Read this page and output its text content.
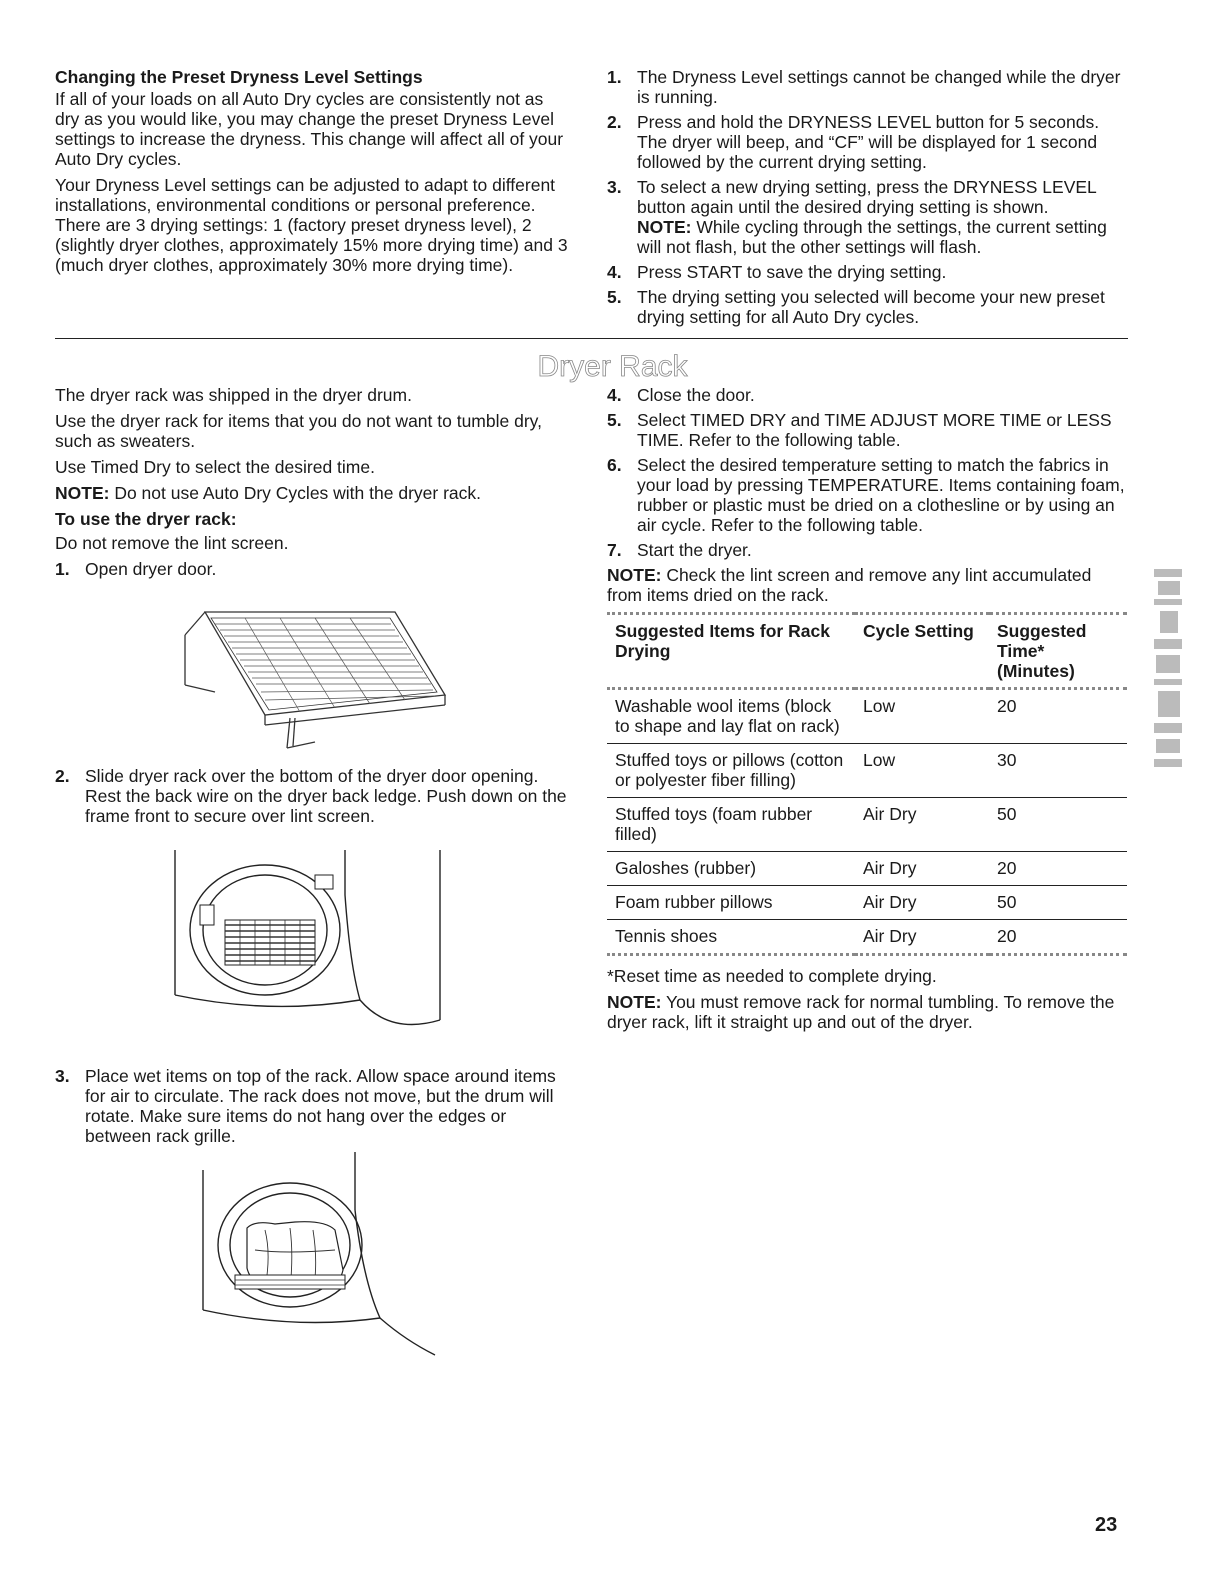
Changing the Preset Dryness Level Settings

If all of your loads on all Auto Dry cycles are consistently not as dry as you would like, you may change the preset Dryness Level settings to increase the dryness. This change will affect all of your Auto Dry cycles.

Your Dryness Level settings can be adjusted to adapt to different installations, environmental conditions or personal preference. There are 3 drying settings: 1 (factory preset dryness level), 2 (slightly dryer clothes, approximately 15% more drying time) and 3 (much dryer clothes, approximately 30% more drying time).

1. The Dryness Level settings cannot be changed while the dryer is running.
2. Press and hold the DRYNESS LEVEL button for 5 seconds. The dryer will beep, and “CF” will be displayed for 1 second followed by the current drying setting.
3. To select a new drying setting, press the DRYNESS LEVEL button again until the desired drying setting is shown.
NOTE: While cycling through the settings, the current setting will not flash, but the other settings will flash.
4. Press START to save the drying setting.
5. The drying setting you selected will become your new preset drying setting for all Auto Dry cycles.
Dryer Rack

The dryer rack was shipped in the dryer drum.

Use the dryer rack for items that you do not want to tumble dry, such as sweaters.

Use Timed Dry to select the desired time.

NOTE: Do not use Auto Dry Cycles with the dryer rack.

To use the dryer rack:

Do not remove the lint screen.

1. Open dryer door.
2. Slide dryer rack over the bottom of the dryer door opening. Rest the back wire on the dryer back ledge. Push down on the frame front to secure over lint screen.
3. Place wet items on top of the rack. Allow space around items for air to circulate. The rack does not move, but the drum will rotate. Make sure items do not hang over the edges or between rack grille.
4. Close the door.
5. Select TIMED DRY and TIME ADJUST MORE TIME or LESS TIME. Refer to the following table.
6. Select the desired temperature setting to match the fabrics in your load by pressing TEMPERATURE. Items containing foam, rubber or plastic must be dried on a clothesline or by using an air cycle. Refer to the following table.
7. Start the dryer.

NOTE: Check the lint screen and remove any lint accumulated from items dried on the rack.

Suggested Items for Rack Drying	Cycle Setting	Suggested Time* (Minutes)
Washable wool items (block to shape and lay flat on rack)	Low	20
Stuffed toys or pillows (cotton or polyester fiber filling)	Low	30
Stuffed toys (foam rubber filled)	Air Dry	50
Galoshes (rubber)	Air Dry	20
Foam rubber pillows	Air Dry	50
Tennis shoes	Air Dry	20

*Reset time as needed to complete drying.

NOTE: You must remove rack for normal tumbling. To remove the dryer rack, lift it straight up and out of the dryer.

23
